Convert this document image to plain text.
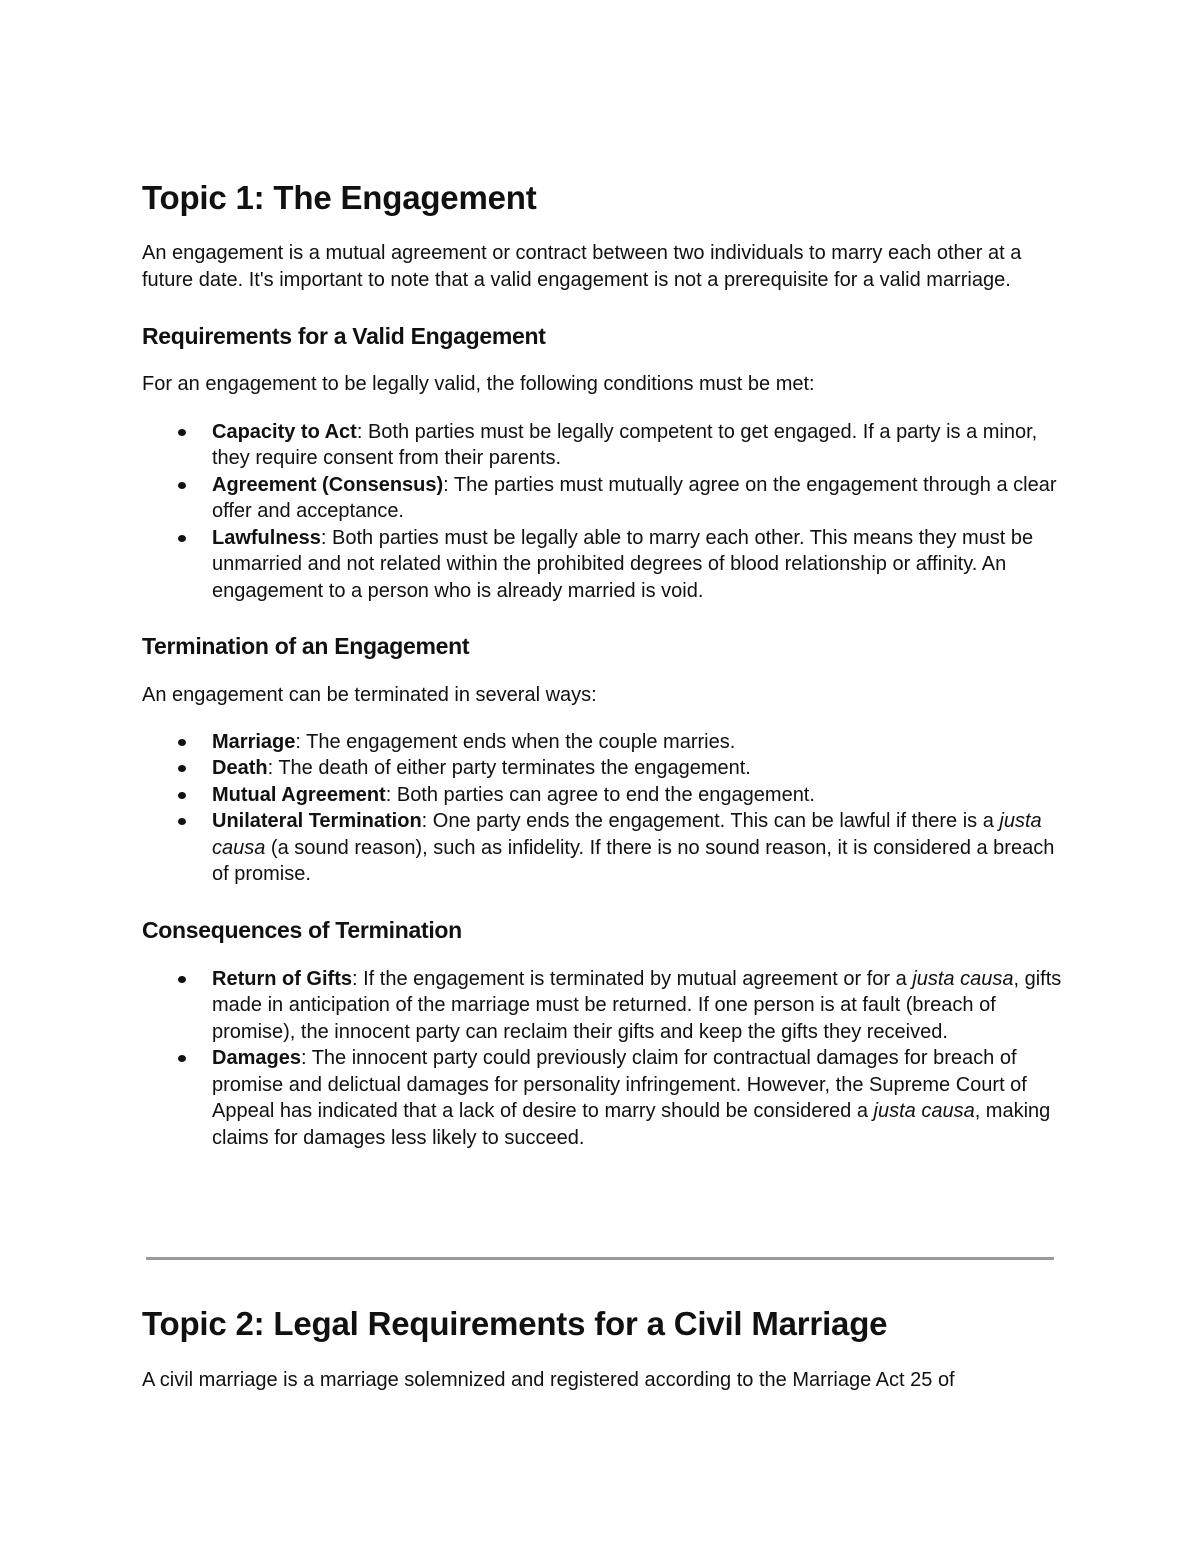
Topic 1: The Engagement

An engagement is a mutual agreement or contract between two individuals to marry each other at a future date. It's important to note that a valid engagement is not a prerequisite for a valid marriage.

Requirements for a Valid Engagement

For an engagement to be legally valid, the following conditions must be met:

Capacity to Act: Both parties must be legally competent to get engaged. If a party is a minor, they require consent from their parents.
Agreement (Consensus): The parties must mutually agree on the engagement through a clear offer and acceptance.
Lawfulness: Both parties must be legally able to marry each other. This means they must be unmarried and not related within the prohibited degrees of blood relationship or affinity. An engagement to a person who is already married is void.
Termination of an Engagement

An engagement can be terminated in several ways:

Marriage: The engagement ends when the couple marries.
Death: The death of either party terminates the engagement.
Mutual Agreement: Both parties can agree to end the engagement.
Unilateral Termination: One party ends the engagement. This can be lawful if there is a justa causa (a sound reason), such as infidelity. If there is no sound reason, it is considered a breach of promise.
Consequences of Termination
Return of Gifts: If the engagement is terminated by mutual agreement or for a justa causa, gifts made in anticipation of the marriage must be returned. If one person is at fault (breach of promise), the innocent party can reclaim their gifts and keep the gifts they received.
Damages: The innocent party could previously claim for contractual damages for breach of promise and delictual damages for personality infringement. However, the Supreme Court of Appeal has indicated that a lack of desire to marry should be considered a justa causa, making claims for damages less likely to succeed.
Topic 2: Legal Requirements for a Civil Marriage

A civil marriage is a marriage solemnized and registered according to the Marriage Act 25 of
